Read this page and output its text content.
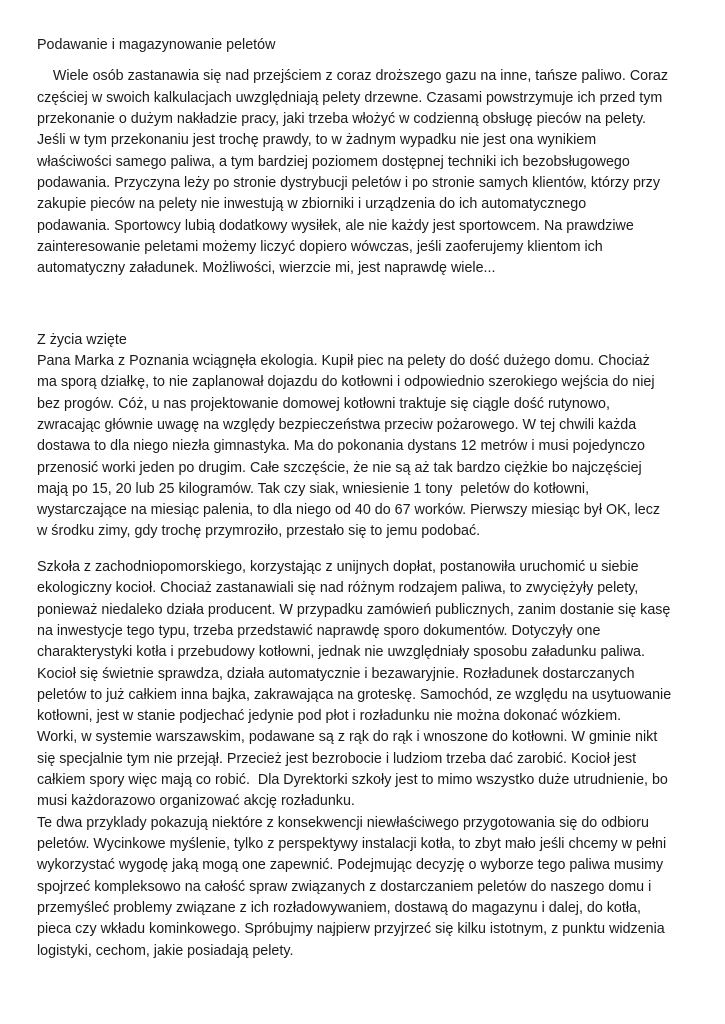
Podawanie i magazynowanie peletów

Wiele osób zastanawia się nad przejściem z coraz droższego gazu na inne, tańsze paliwo. Coraz

częściej w swoich kalkulacjach uwzględniają pelety drzewne. Czasami powstrzymuje ich przed tym

przekonanie o dużym nakładzie pracy, jaki trzeba włożyć w codzienną obsługę pieców na pelety.

Jeśli w tym przekonaniu jest trochę prawdy, to w żadnym wypadku nie jest ona wynikiem

właściwości samego paliwa, a tym bardziej poziomem dostępnej techniki ich bezobsługowego

podawania. Przyczyna leży po stronie dystrybucji peletów i po stronie samych klientów, którzy przy

zakupie pieców na pelety nie inwestują w zbiorniki i urządzenia do ich automatycznego

podawania. Sportowcy lubią dodatkowy wysiłek, ale nie każdy jest sportowcem. Na prawdziwe

zainteresowanie peletami możemy liczyć dopiero wówczas, jeśli zaoferujemy klientom ich

automatyczny załadunek. Możliwości, wierzcie mi, jest naprawdę wiele...

Z życia wzięte

Pana Marka z Poznania wciągnęła ekologia. Kupił piec na pelety do dość dużego domu. Chociaż

ma sporą działkę, to nie zaplanował dojazdu do kotłowni i odpowiednio szerokiego wejścia do niej

bez progów. Cóż, u nas projektowanie domowej kotłowni traktuje się ciągle dość rutynowo,

zwracając głównie uwagę na względy bezpieczeństwa przeciw pożarowego. W tej chwili każda

dostawa to dla niego niezła gimnastyka. Ma do pokonania dystans 12 metrów i musi pojedynczo

przenosić worki jeden po drugim. Całe szczęście, że nie są aż tak bardzo ciężkie bo najczęściej

mają po 15, 20 lub 25 kilogramów. Tak czy siak, wniesienie 1 tony  peletów do kotłowni,

wystarczające na miesiąc palenia, to dla niego od 40 do 67 worków. Pierwszy miesiąc był OK, lecz

w środku zimy, gdy trochę przymroziło, przestało się to jemu podobać.

Szkoła z zachodniopomorskiego, korzystając z unijnych dopłat, postanowiła uruchomić u siebie

ekologiczny kocioł. Chociaż zastanawiali się nad różnym rodzajem paliwa, to zwyciężyły pelety,

ponieważ niedaleko działa producent. W przypadku zamówień publicznych, zanim dostanie się kasę

na inwestycje tego typu, trzeba przedstawić naprawdę sporo dokumentów. Dotyczyły one

charakterystyki kotła i przebudowy kotłowni, jednak nie uwzględniały sposobu załadunku paliwa.

Kocioł się świetnie sprawdza, działa automatycznie i bezawaryjnie. Rozładunek dostarczanych

peletów to już całkiem inna bajka, zakrawająca na groteskę. Samochód, ze względu na usytuowanie

kotłowni, jest w stanie podjechać jedynie pod płot i rozładunku nie można dokonać wózkiem.

Worki, w systemie warszawskim, podawane są z rąk do rąk i wnoszone do kotłowni. W gminie nikt

się specjalnie tym nie przejął. Przecież jest bezrobocie i ludziom trzeba dać zarobić. Kocioł jest

całkiem spory więc mają co robić.  Dla Dyrektorki szkoły jest to mimo wszystko duże utrudnienie, bo

musi każdorazowo organizować akcję rozładunku.

Te dwa przyklady pokazują niektóre z konsekwencji niewłaściwego przygotowania się do odbioru

peletów. Wycinkowe myślenie, tylko z perspektywy instalacji kotła, to zbyt mało jeśli chcemy w pełni

wykorzystać wygodę jaką mogą one zapewnić. Podejmując decyzję o wyborze tego paliwa musimy

spojrzeć kompleksowo na całość spraw związanych z dostarczaniem peletów do naszego domu i

przemyśleć problemy związane z ich rozładowywaniem, dostawą do magazynu i dalej, do kotła,

pieca czy wkładu kominkowego. Spróbujmy najpierw przyjrzeć się kilku istotnym, z punktu widzenia

logistyki, cechom, jakie posiadają pelety.
